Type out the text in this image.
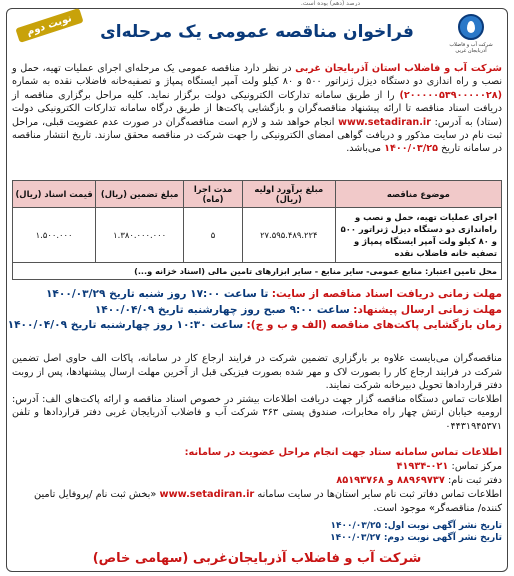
درصد (دهم) بوده است.
نوبت دوم	فراخوان مناقصه عمومی یک مرحله‌ای
شرکت آب و فاضلاب آذربایجان غربی

شرکت آب و فاضلاب استان آذربایجان غربی در نظر دارد مناقصه عمومی یک مرحله‌ای اجرای عملیات تهیه، حمل و نصب و راه اندازی دو دستگاه دیزل ژنراتور ۵۰۰ و ۸۰ کیلو ولت آمپر ایستگاه پمپاژ و تصفیه‌خانه فاضلاب نقده به شماره (۲۰۰۰۰۰۵۳۹۰۰۰۰۰۲۸) را از طریق سامانه تدارکات الکترونیکی دولت برگزار نماید. کلیه مراحل برگزاری مناقصه از دریافت اسناد مناقصه تا ارائه پیشنهاد مناقصه‌گران و بازگشایی پاکت‌ها از طریق درگاه سامانه تدارکات الکترونیکی دولت (ستاد) به آدرس: www.setadiran.ir انجام خواهد شد و لازم است مناقصه‌گران در صورت عدم عضویت قبلی، مراحل ثبت نام در سایت مذکور و دریافت گواهی امضای الکترونیکی را جهت شرکت در مناقصه محقق سازند. تاریخ انتشار مناقصه در سامانه تاریخ ۱۴۰۰/۰۳/۲۵ می‌باشد.

موضوع مناقصه	مبلغ برآورد اولیه (ریال)	مدت اجرا (ماه)	مبلغ تضمین (ریال)	قیمت اسناد (ریال)
اجرای عملیات تهیه، حمل و نصب و راه‌اندازی دو دستگاه دیزل ژنراتور ۵۰۰ و ۸۰ کیلو ولت آمپر ایستگاه پمپاژ و تصفیه خانه فاضلاب نقده	۲۷.۵۹۵.۴۸۹.۲۲۴	۵	۱.۳۸۰.۰۰۰.۰۰۰	۱.۵۰۰.۰۰۰
محل تامین اعتبار: منابع عمومی- سایر منابع - سایر ابزارهای تامین مالی (اسناد خزانه و...)				
مهلت زمانی دریافت اسناد مناقصه از سایت: تا ساعت ۱۷:۰۰ روز شنبه تاریخ ۱۴۰۰/۰۳/۲۹
مهلت زمانی ارسال پیشنهاد: ساعت ۹:۰۰ صبح روز چهارشنبه تاریخ ۱۴۰۰/۰۴/۰۹
زمان بازگشایی پاکت‌های مناقصه (الف و ب و ج): ساعت ۱۰:۳۰ روز چهارشنبه تاریخ ۱۴۰۰/۰۴/۰۹

مناقصه‌گران می‌بایست علاوه بر بارگزاری تضمین شرکت در فرایند ارجاع کار در سامانه، پاکات الف حاوی اصل تضمین شرکت در فرایند ارجاع کار را بصورت لاک و مهر شده بصورت فیزیکی قبل از آخرین مهلت ارسال پیشنهادها، پس از روبت دفتر قراردادها تحویل دبیرخانه شرکت نمایند.

اطلاعات تماس دستگاه مناقصه گزار جهت دریافت اطلاعات بیشتر در خصوص اسناد مناقصه و ارائه پاکت‌های الف: آدرس: ارومیه خیابان ارتش چهار راه مخابرات، صندوق پستی ۳۶۳ شرکت آب و فاضلاب آذربایجان غربی دفتر قراردادها و تلفن ۰۴۴۳۱۹۴۵۳۷۱

اطلاعات تماس سامانه ستاد جهت انجام مراحل عضویت در سامانه:
مرکز تماس: ۰۲۱-۴۱۹۳۴
دفتر ثبت نام: ۸۸۹۶۹۷۳۷ و ۸۵۱۹۳۷۶۸
اطلاعات تماس دفاتر ثبت نام سایر استان‌ها در سایت سامانه www.setadiran.ir «بخش ثبت نام /پروفایل تامین کننده/ مناقصه‌گر» موجود است.
تاریخ نشر آگهی نوبت اول: ۱۴۰۰/۰۳/۲۵
تاریخ نشر آگهی نوبت دوم: ۱۴۰۰/۰۳/۲۷
شرکت آب و فاضلاب آذربایجان‌غربی (سهامی خاص)
